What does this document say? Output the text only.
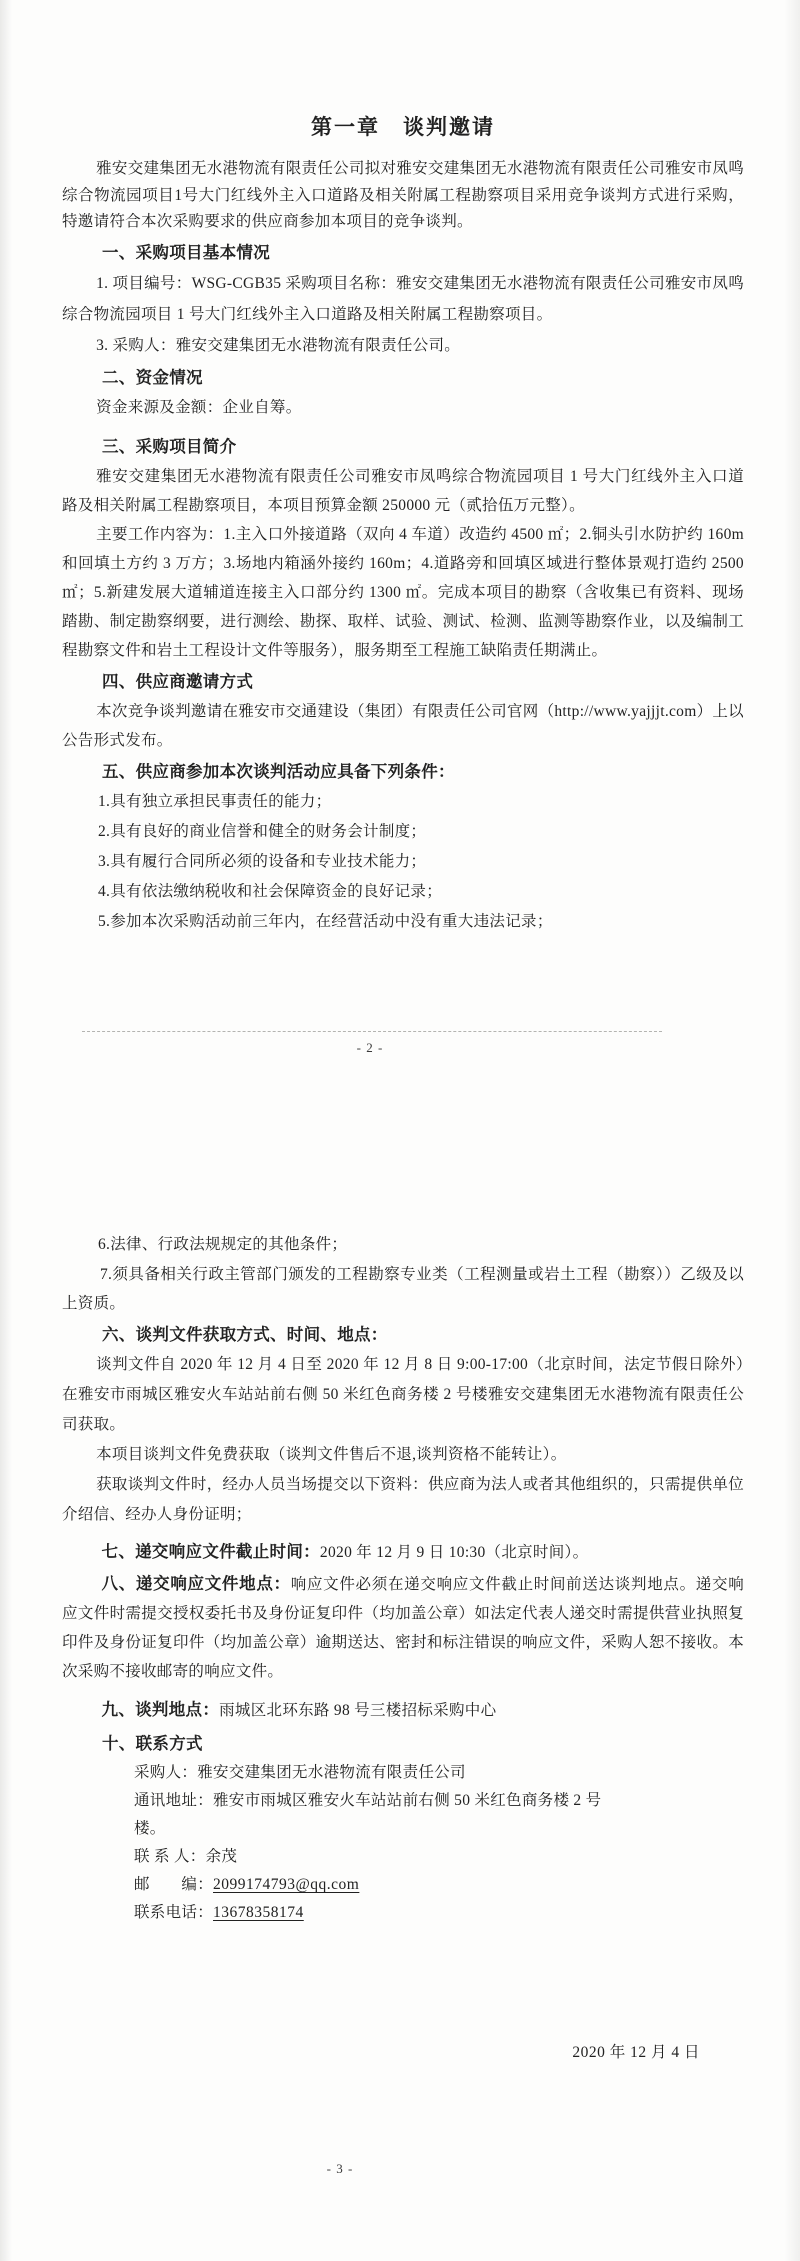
第一章　谈判邀请

雅安交建集团无水港物流有限责任公司拟对雅安交建集团无水港物流有限责任公司雅安市凤鸣综合物流园项目1号大门红线外主入口道路及相关附属工程勘察项目采用竞争谈判方式进行采购，特邀请符合本次采购要求的供应商参加本项目的竞争谈判。

一、采购项目基本情况

1. 项目编号：WSG-CGB35 采购项目名称：雅安交建集团无水港物流有限责任公司雅安市凤鸣综合物流园项目 1 号大门红线外主入口道路及相关附属工程勘察项目。

3. 采购人：雅安交建集团无水港物流有限责任公司。

二、资金情况

资金来源及金额：企业自筹。

三、采购项目简介

雅安交建集团无水港物流有限责任公司雅安市凤鸣综合物流园项目 1 号大门红线外主入口道路及相关附属工程勘察项目，本项目预算金额 250000 元（贰拾伍万元整）。

主要工作内容为：1.主入口外接道路（双向 4 车道）改造约 4500 ㎡；2.铜头引水防护约 160m 和回填土方约 3 万方；3.场地内箱涵外接约 160m；4.道路旁和回填区域进行整体景观打造约 2500 ㎡；5.新建发展大道辅道连接主入口部分约 1300 ㎡。完成本项目的勘察（含收集已有资料、现场踏勘、制定勘察纲要，进行测绘、勘探、取样、试验、测试、检测、监测等勘察作业，以及编制工程勘察文件和岩土工程设计文件等服务），服务期至工程施工缺陷责任期满止。

四、供应商邀请方式

本次竞争谈判邀请在雅安市交通建设（集团）有限责任公司官网（http://www.yajjjt.com）上以公告形式发布。

五、供应商参加本次谈判活动应具备下列条件：

1.具有独立承担民事责任的能力；

2.具有良好的商业信誉和健全的财务会计制度；

3.具有履行合同所必须的设备和专业技术能力；

4.具有依法缴纳税收和社会保障资金的良好记录；

5.参加本次采购活动前三年内，在经营活动中没有重大违法记录；

- 2 -

6.法律、行政法规规定的其他条件；

7.须具备相关行政主管部门颁发的工程勘察专业类（工程测量或岩土工程（勘察））乙级及以上资质。

六、谈判文件获取方式、时间、地点：

谈判文件自 2020 年 12 月 4 日至 2020 年 12 月 8 日 9:00-17:00（北京时间，法定节假日除外）在雅安市雨城区雅安火车站站前右侧 50 米红色商务楼 2 号楼雅安交建集团无水港物流有限责任公司获取。

本项目谈判文件免费获取（谈判文件售后不退,谈判资格不能转让）。

获取谈判文件时，经办人员当场提交以下资料：供应商为法人或者其他组织的，只需提供单位介绍信、经办人身份证明；

七、递交响应文件截止时间：2020 年 12 月 9 日 10:30（北京时间）。

八、递交响应文件地点：响应文件必须在递交响应文件截止时间前送达谈判地点。递交响应文件时需提交授权委托书及身份证复印件（均加盖公章）如法定代表人递交时需提供营业执照复印件及身份证复印件（均加盖公章）逾期送达、密封和标注错误的响应文件，采购人恕不接收。本次采购不接收邮寄的响应文件。

九、谈判地点：雨城区北环东路 98 号三楼招标采购中心

十、联系方式

采购人：雅安交建集团无水港物流有限责任公司

通讯地址：雅安市雨城区雅安火车站站前右侧 50 米红色商务楼 2 号楼。

联 系 人：余茂

邮　　编：2099174793@qq.com

联系电话：13678358174

2020 年 12 月 4 日
- 3 -
